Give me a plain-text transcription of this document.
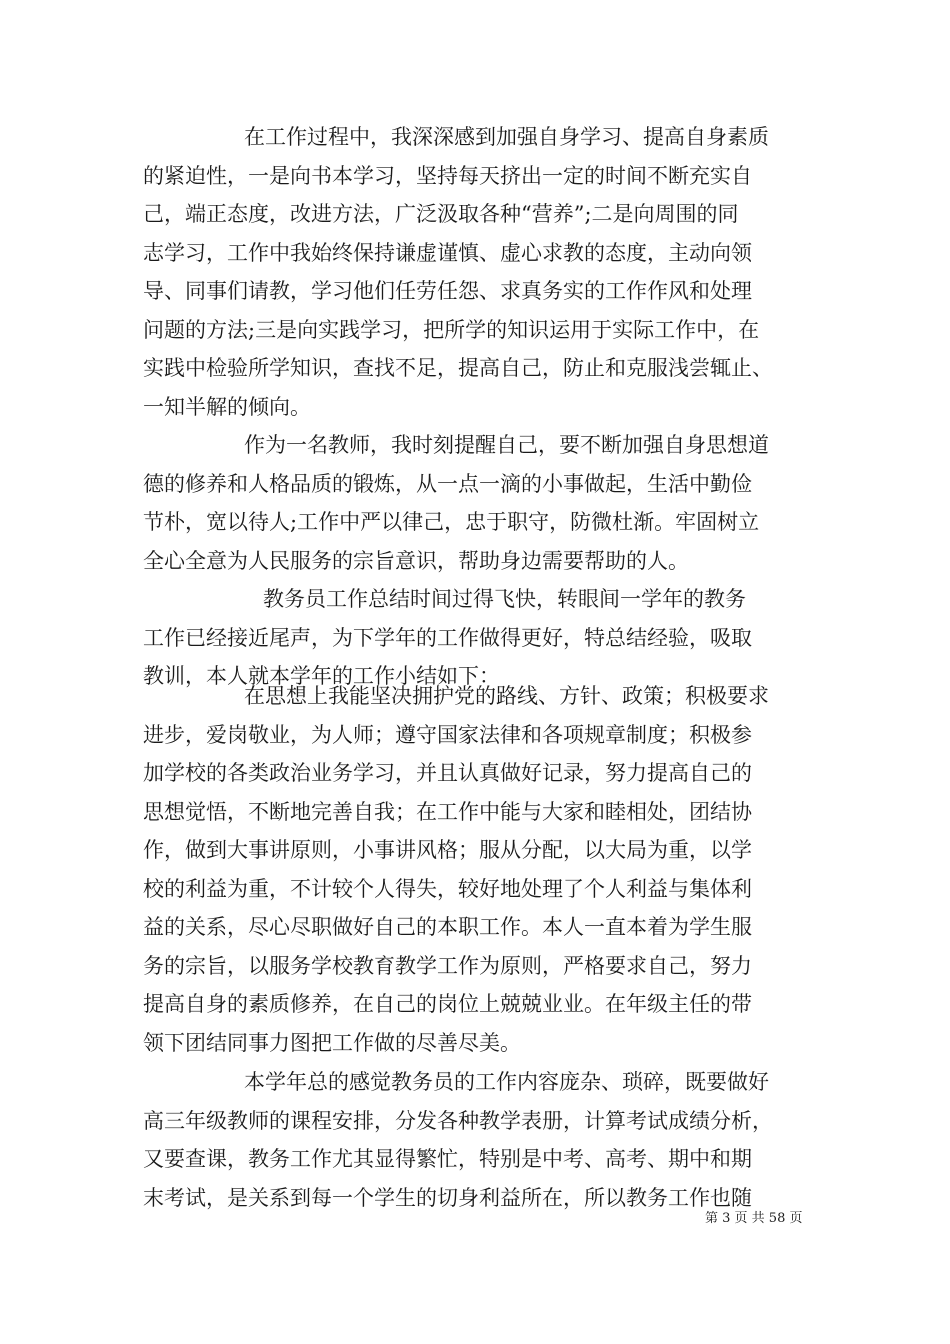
在工作过程中，我深深感到加强自身学习、提高自身素质
的紧迫性，一是向书本学习，坚持每天挤出一定的时间不断充实自
己，端正态度，改进方法，广泛汲取各种“营养”;二是向周围的同
志学习，工作中我始终保持谦虚谨慎、虚心求教的态度，主动向领
导、同事们请教，学习他们任劳任怨、求真务实的工作作风和处理
问题的方法;三是向实践学习，把所学的知识运用于实际工作中，在
实践中检验所学知识，查找不足，提高自己，防止和克服浅尝辄止、
一知半解的倾向。

作为一名教师，我时刻提醒自己，要不断加强自身思想道
德的修养和人格品质的锻炼，从一点一滴的小事做起，生活中勤俭
节朴，宽以待人;工作中严以律己，忠于职守，防微杜渐。牢固树立
全心全意为人民服务的宗旨意识，帮助身边需要帮助的人。

教务员工作总结时间过得飞快，转眼间一学年的教务
工作已经接近尾声，为下学年的工作做得更好，特总结经验，吸取
教训，本人就本学年的工作小结如下：

在思想上我能坚决拥护党的路线、方针、政策；积极要求
进步，爱岗敬业，为人师；遵守国家法律和各项规章制度；积极参
加学校的各类政治业务学习，并且认真做好记录，努力提高自己的
思想觉悟，不断地完善自我；在工作中能与大家和睦相处，团结协
作，做到大事讲原则，小事讲风格；服从分配，以大局为重，以学
校的利益为重，不计较个人得失，较好地处理了个人利益与集体利
益的关系，尽心尽职做好自己的本职工作。本人一直本着为学生服
务的宗旨，以服务学校教育教学工作为原则，严格要求自己，努力
提高自身的素质修养，在自己的岗位上兢兢业业。在年级主任的带
领下团结同事力图把工作做的尽善尽美。

本学年总的感觉教务员的工作内容庞杂、琐碎，既要做好
高三年级教师的课程安排，分发各种教学表册，计算考试成绩分析，
又要查课，教务工作尤其显得繁忙，特别是中考、高考、期中和期
末考试，是关系到每一个学生的切身利益所在，所以教务工作也随

第 3 页 共 58 页
